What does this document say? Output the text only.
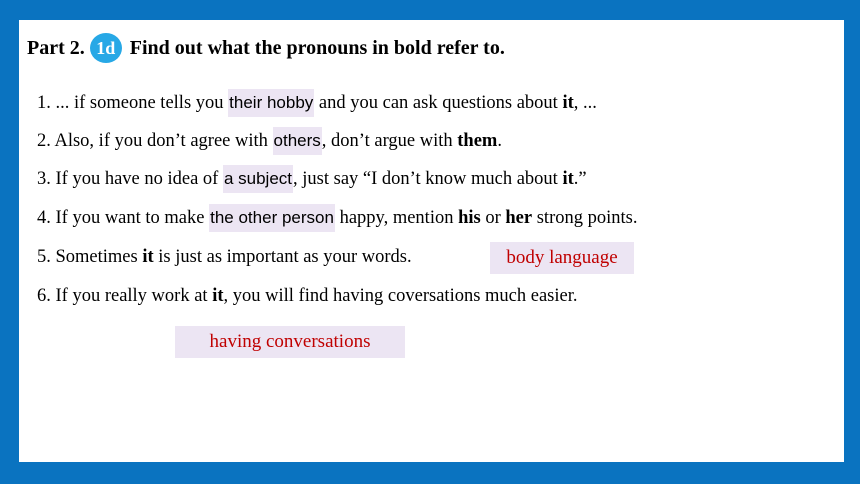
Part 2. 1d Find out what the pronouns in bold refer to.
1. ... if someone tells you their hobby and you can ask questions about it, ...
2. Also, if you don’t agree with others, don’t argue with them.
3. If you have no idea of a subject, just say “I don’t know much about it.”
4. If you want to make the other person happy, mention his or her strong points.
5. Sometimes it is just as important as your words.
6. If you really work at it, you will find having coversations much easier.
body language
having conversations
